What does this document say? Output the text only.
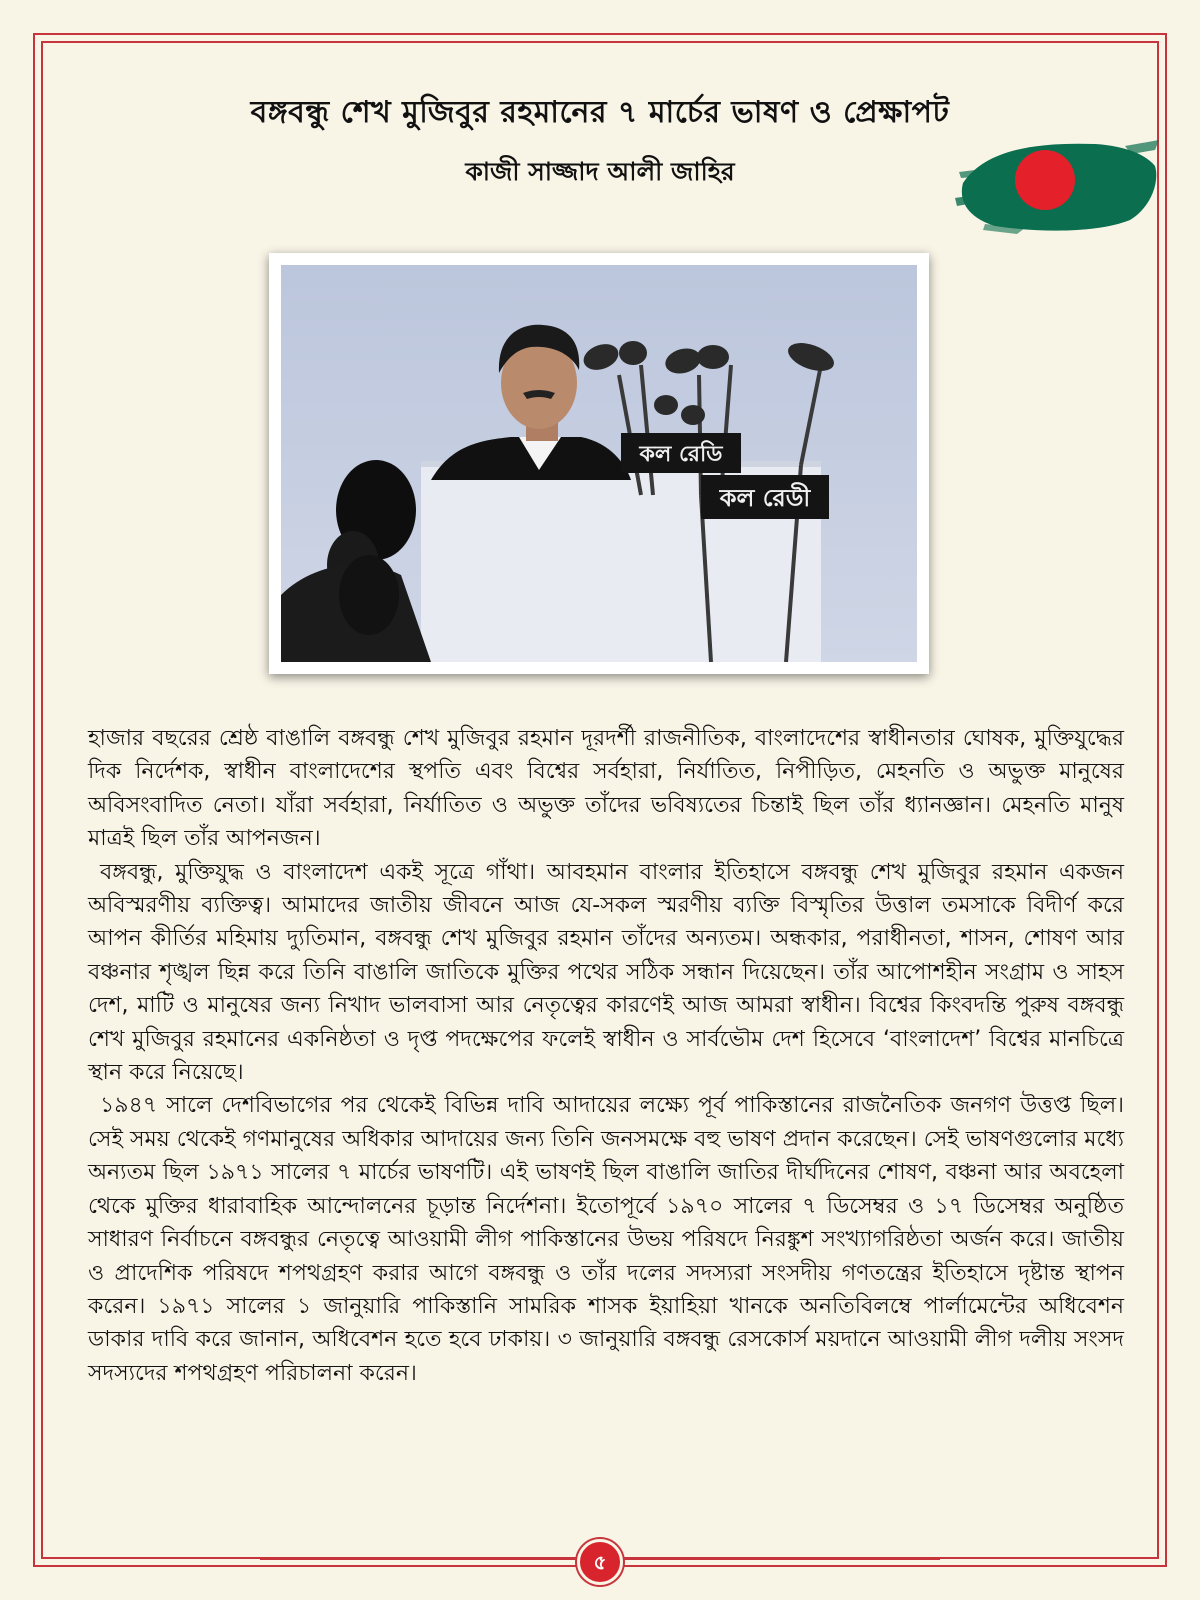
বঙ্গবন্ধু শেখ মুজিবুর রহমানের ৭ মার্চের ভাষণ ও প্রেক্ষাপট
কাজী সাজ্জাদ আলী জাহির
কল রেডি
কল রেডী

হাজার বছরের শ্রেষ্ঠ বাঙালি বঙ্গবন্ধু শেখ মুজিবুর রহমান দূরদর্শী রাজনীতিক, বাংলাদেশের স্বাধীনতার ঘোষক, মুক্তিযুদ্ধের দিক নির্দেশক, স্বাধীন বাংলাদেশের স্থপতি এবং বিশ্বের সর্বহারা, নির্যাতিত, নিপীড়িত, মেহনতি ও অভুক্ত মানুষের অবিসংবাদিত নেতা। যাঁরা সর্বহারা, নির্যাতিত ও অভুক্ত তাঁদের ভবিষ্যতের চিন্তাই ছিল তাঁর ধ্যানজ্ঞান। মেহনতি মানুষ মাত্রই ছিল তাঁর আপনজন।

বঙ্গবন্ধু, মুক্তিযুদ্ধ ও বাংলাদেশ একই সূত্রে গাঁথা। আবহমান বাংলার ইতিহাসে বঙ্গবন্ধু শেখ মুজিবুর রহমান একজন অবিস্মরণীয় ব্যক্তিত্ব। আমাদের জাতীয় জীবনে আজ যে-সকল স্মরণীয় ব্যক্তি বিস্মৃতির উত্তাল তমসাকে বিদীর্ণ করে আপন কীর্তির মহিমায় দ্যুতিমান, বঙ্গবন্ধু শেখ মুজিবুর রহমান তাঁদের অন্যতম। অন্ধকার, পরাধীনতা, শাসন, শোষণ আর বঞ্চনার শৃঙ্খল ছিন্ন করে তিনি বাঙালি জাতিকে মুক্তির পথের সঠিক সন্ধান দিয়েছেন। তাঁর আপোশহীন সংগ্রাম ও সাহস দেশ, মাটি ও মানুষের জন্য নিখাদ ভালবাসা আর নেতৃত্বের কারণেই আজ আমরা স্বাধীন। বিশ্বের কিংবদন্তি পুরুষ বঙ্গবন্ধু শেখ মুজিবুর রহমানের একনিষ্ঠতা ও দৃপ্ত পদক্ষেপের ফলেই স্বাধীন ও সার্বভৌম দেশ হিসেবে ‘বাংলাদেশ’ বিশ্বের মানচিত্রে স্থান করে নিয়েছে।

১৯৪৭ সালে দেশবিভাগের পর থেকেই বিভিন্ন দাবি আদায়ের লক্ষ্যে পূর্ব পাকিস্তানের রাজনৈতিক জনগণ উত্তপ্ত ছিল। সেই সময় থেকেই গণমানুষের অধিকার আদায়ের জন্য তিনি জনসমক্ষে বহু ভাষণ প্রদান করেছেন। সেই ভাষণগুলোর মধ্যে অন্যতম ছিল ১৯৭১ সালের ৭ মার্চের ভাষণটি। এই ভাষণই ছিল বাঙালি জাতির দীর্ঘদিনের শোষণ, বঞ্চনা আর অবহেলা থেকে মুক্তির ধারাবাহিক আন্দোলনের চূড়ান্ত নির্দেশনা। ইতোপূর্বে ১৯৭০ সালের ৭ ডিসেম্বর ও ১৭ ডিসেম্বর অনুষ্ঠিত সাধারণ নির্বাচনে বঙ্গবন্ধুর নেতৃত্বে আওয়ামী লীগ পাকিস্তানের উভয় পরিষদে নিরঙ্কুশ সংখ্যাগরিষ্ঠতা অর্জন করে। জাতীয় ও প্রাদেশিক পরিষদে শপথগ্রহণ করার আগে বঙ্গবন্ধু ও তাঁর দলের সদস্যরা সংসদীয় গণতন্ত্রের ইতিহাসে দৃষ্টান্ত স্থাপন করেন। ১৯৭১ সালের ১ জানুয়ারি পাকিস্তানি সামরিক শাসক ইয়াহিয়া খানকে অনতিবিলম্বে পার্লামেন্টের অধিবেশন ডাকার দাবি করে জানান, অধিবেশন হতে হবে ঢাকায়। ৩ জানুয়ারি বঙ্গবন্ধু রেসকোর্স ময়দানে আওয়ামী লীগ দলীয় সংসদ সদস্যদের শপথগ্রহণ পরিচালনা করেন।

৫
